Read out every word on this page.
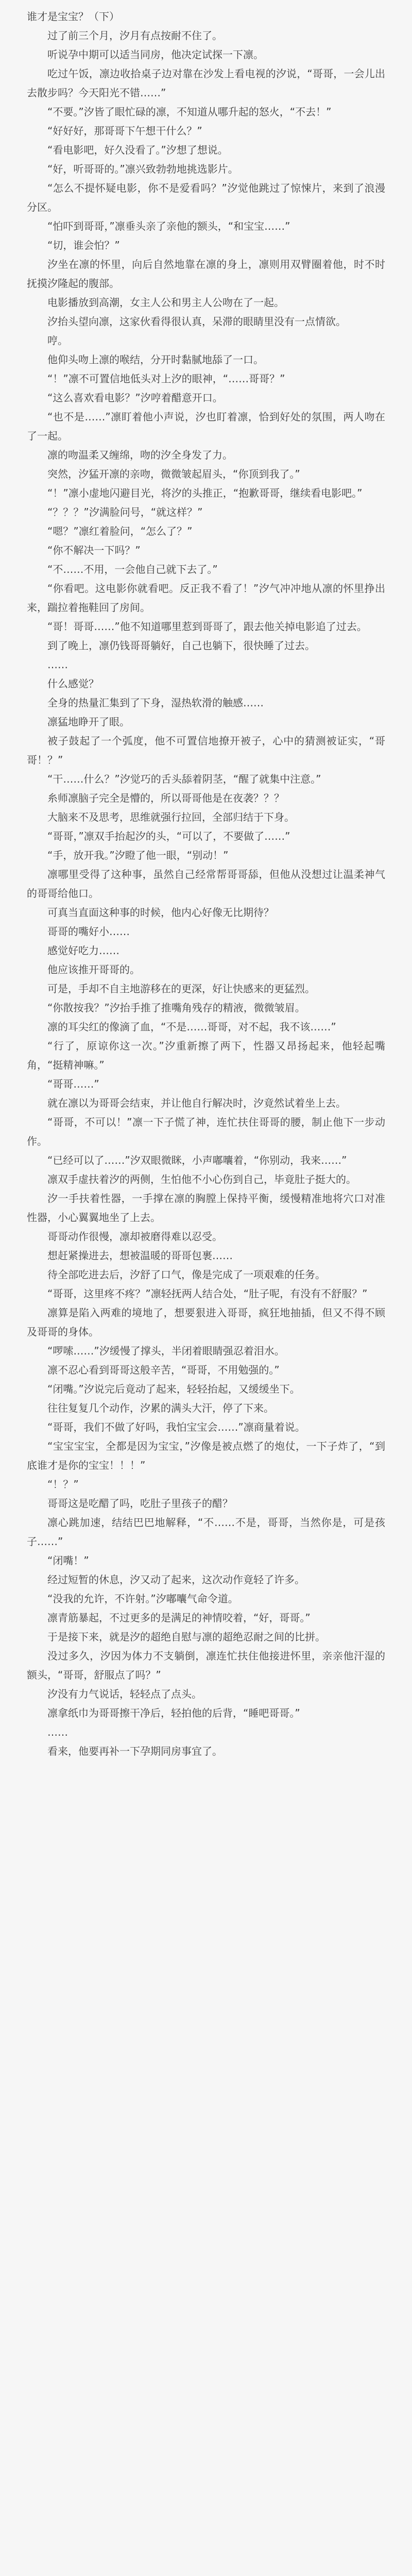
谁才是宝宝？（下）

过了前三个月，汐月有点按耐不住了。

听说孕中期可以适当同房，他决定试探一下凛。

吃过午饭，凛边收拾桌子边对靠在沙发上看电视的汐说，“哥哥，一会儿出去散步吗？今天阳光不错……”

“不要。”汐皆了眼忙碌的凛，不知道从哪升起的怒火，“不去！”

“好好好，那哥哥下午想干什么？”

“看电影吧，好久没看了。”汐想了想说。

“好，听哥哥的。”凛兴致勃勃地挑选影片。

“怎么不提怀疑电影，你不是爱看吗？”汐觉他跳过了惊悚片，来到了浪漫分区。

“怕吓到哥哥，”凛垂头亲了亲他的额头，“和宝宝……”

“切，谁会怕？”

汐坐在凛的怀里，向后自然地靠在凛的身上，凛则用双臂圈着他，时不时抚摸汐隆起的腹部。

电影播放到高潮，女主人公和男主人公吻在了一起。

汐抬头望向凛，这家伙看得很认真，呆滞的眼睛里没有一点情欲。

哼。

他仰头吻上凛的喉结，分开时黏腻地舔了一口。

“！”凛不可置信地低头对上汐的眼神，“……哥哥？”

“这么喜欢看电影？”汐哼着醋意开口。

“也不是……”凛盯着他小声说，汐也盯着凛，恰到好处的氛围，两人吻在了一起。

凛的吻温柔又缠绵，吻的汐全身发了力。

突然，汐猛开凛的亲吻，微微皱起眉头，“你顶到我了。”

“！”凛小虚地闪避目光，将汐的头推正，“抱歉哥哥，继续看电影吧。”

“？？？”汐满脸问号，“就这样？”

“嗯？”凛红着脸问，“怎么了？”

“你不解决一下吗？”

“不……不用，一会他自己就下去了。”

“你看吧。这电影你就看吧。反正我不看了！”汐气冲冲地从凛的怀里挣出来，踹拉着拖鞋回了房间。

“哥！哥哥……”他不知道哪里惹到哥哥了，跟去他关掉电影追了过去。

到了晚上，凛仍钱哥哥躺好，自己也躺下，很快睡了过去。

……

什么感觉？

全身的热量汇集到了下身，湿热软滑的触感……

凛猛地睁开了眼。

被子鼓起了一个弧度，他不可置信地撩开被子，心中的猜测被证实，“哥哥！？”

“干……什么？”汐觉巧的舌头舔着阴茎，“醒了就集中注意。”

糸师凛脑子完全是懵的，所以哥哥他是在夜袭？？？

大脑来不及思考，思维就强行拉回，全部归结于下身。

“哥哥，”凛双手抬起汐的头，“可以了，不要做了……”

“手，放开我。”汐瞪了他一眼，“别动！”

凛哪里受得了这种事，虽然自己经常帮哥哥舔，但他从没想过让温柔神气的哥哥给他口。

可真当直面这种事的时候，他内心好像无比期待？

哥哥的嘴好小……

感觉好吃力……

他应该推开哥哥的。

可是，手却不自主地游移在的更深，好让快感来的更猛烈。

“你散按我？”汐抬手推了推嘴角残存的精液，微微皱眉。

凛的耳尖红的像滴了血，“不是……哥哥，对不起，我不该……”

“行了，原谅你这一次。”汐重新擦了两下，性器又昂扬起来，他轻起嘴角，“挺精神嘛。”

“哥哥……”

就在凛以为哥哥会结束，并让他自行解决时，汐竟然试着坐上去。

“哥哥，不可以！”凛一下子慌了神，连忙扶住哥哥的腰，制止他下一步动作。

“已经可以了……”汐双眼微眯，小声嘟囔着，“你别动，我来……”

凛双手虚扶着汐的两侧，生怕他不小心伤到自己，毕竟肚子挺大的。

汐一手扶着性器，一手撑在凛的胸膛上保持平衡，缓慢精准地将穴口对准性器，小心翼翼地坐了上去。

哥哥动作很慢，凛却被磨得难以忍受。

想赶紧操进去，想被温暖的哥哥包裹……

待全部吃进去后，汐舒了口气，像是完成了一项艰难的任务。

“哥哥，这里疼不疼？”凛轻抚两人结合处，“肚子呢，有没有不舒服？”

凛算是陷入两难的境地了，想要狠进入哥哥，疯狂地抽插，但又不得不顾及哥哥的身体。

“啰嗦……”汐缓慢了撑头，半闭着眼睛强忍着泪水。

凛不忍心看到哥哥这般辛苦，“哥哥，不用勉强的。”

“闭嘴。”汐说完后竟动了起来，轻轻抬起，又缓缓坐下。

往往复复几个动作，汐累的满头大汗，停了下来。

“哥哥，我们不做了好吗，我怕宝宝会……”凛商量着说。

“宝宝宝宝，全都是因为宝宝，”汐像是被点燃了的炮仗，一下子炸了，“到底谁才是你的宝宝！！！”

“！？”

哥哥这是吃醋了吗，吃肚子里孩子的醋？

凛心跳加速，结结巴巴地解释，“不……不是，哥哥，当然你是，可是孩子……”

“闭嘴！”

经过短暂的休息，汐又动了起来，这次动作竟轻了许多。

“没我的允许，不许射。”汐嘟囔气命令道。

凛青筋暴起，不过更多的是满足的神情咬着，“好，哥哥。”

于是接下来，就是汐的超绝自慰与凛的超绝忍耐之间的比拼。

没过多久，汐因为体力不支躺倒，凛连忙扶住他接进怀里，亲亲他汗湿的额头，“哥哥，舒服点了吗？”

汐没有力气说话，轻轻点了点头。

凛拿纸巾为哥哥擦干净后，轻拍他的后背，“睡吧哥哥。”

……

看来，他要再补一下孕期同房事宜了。
